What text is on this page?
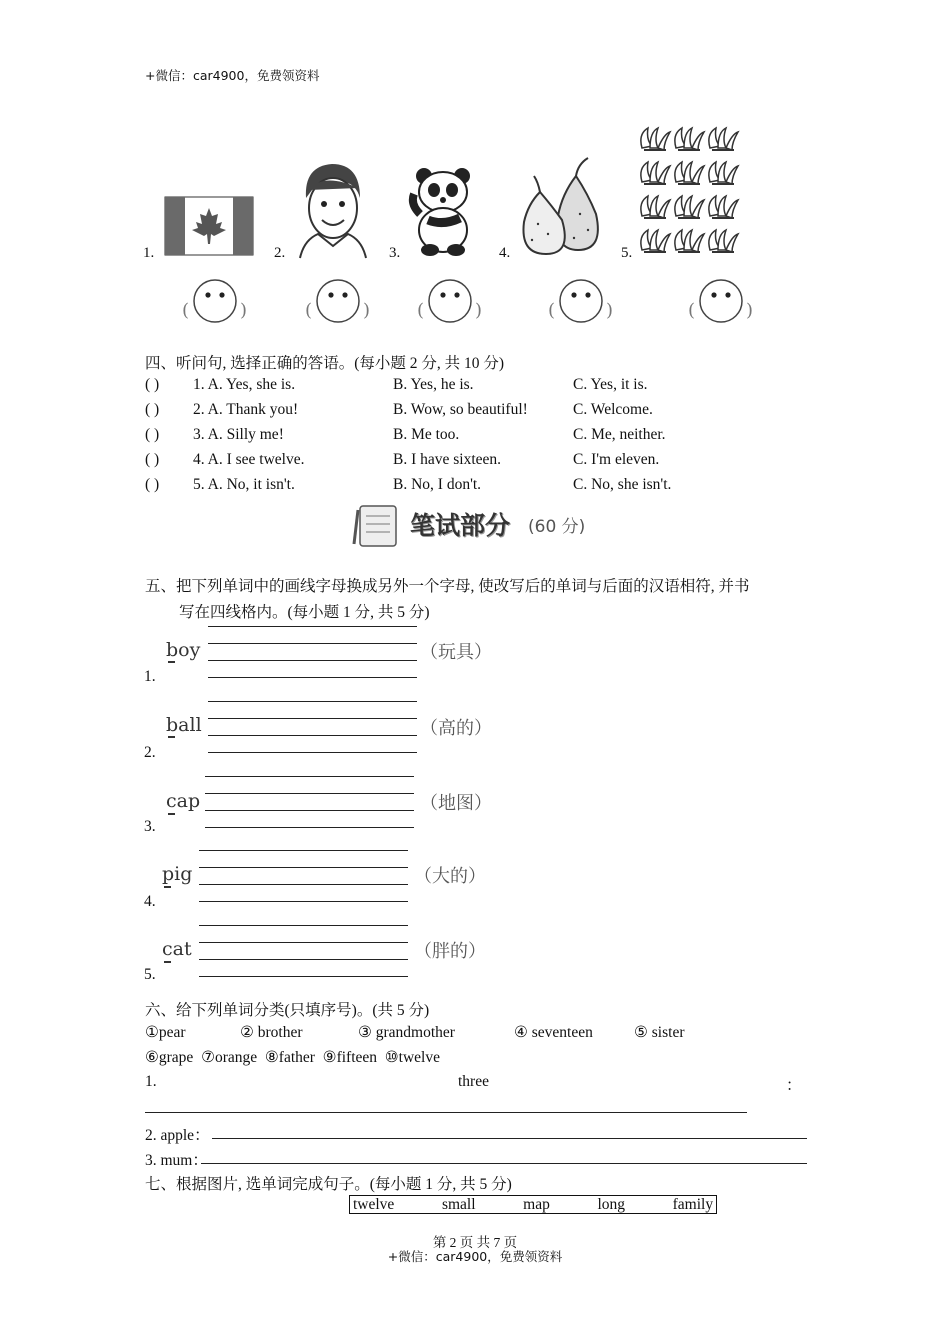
+微信：car4900，免费领资料
1.	2.	3.	4.	5.
(	)	(	)	(	)	(	)	(	)
四、听问句, 选择正确的答语。(每小题 2 分, 共 10 分)
( ) 1. A. Yes, she is.	B. Yes, he is.	C. Yes, it is.
( ) 2. A. Thank you!	B. Wow, so beautiful!	C. Welcome.
( ) 3. A. Silly me!	B. Me too.	C. Me, neither.
( ) 4. A. I see twelve.	B. I have sixteen.	C. I'm eleven.
( ) 5. A. No, it isn't.	B. No, I don't.	C. No, she isn't.
笔试部分 (60 分)
五、把下列单词中的画线字母换成另外一个字母, 使改写后的单词与后面的汉语相符, 并书
写在四线格内。(每小题 1 分, 共 5 分)
boy	（玩具）
1.
ball	（高的）
2.
cap	（地图）
3.
pig	（大的）
4.
cat	（胖的）
5.
六、给下列单词分类(只填序号)。(共 5 分)
①pear	② brother	③ grandmother	④ seventeen	⑤ sister
⑥grape  ⑦orange  ⑧father  ⑨fifteen  ⑩twelve
1.	three	：
2. apple：
3. mum：
七、根据图片, 选单词完成句子。(每小题 1 分, 共 5 分)
twelve   small   map   long   family
第 2 页 共 7 页
+微信：car4900，免费领资料
